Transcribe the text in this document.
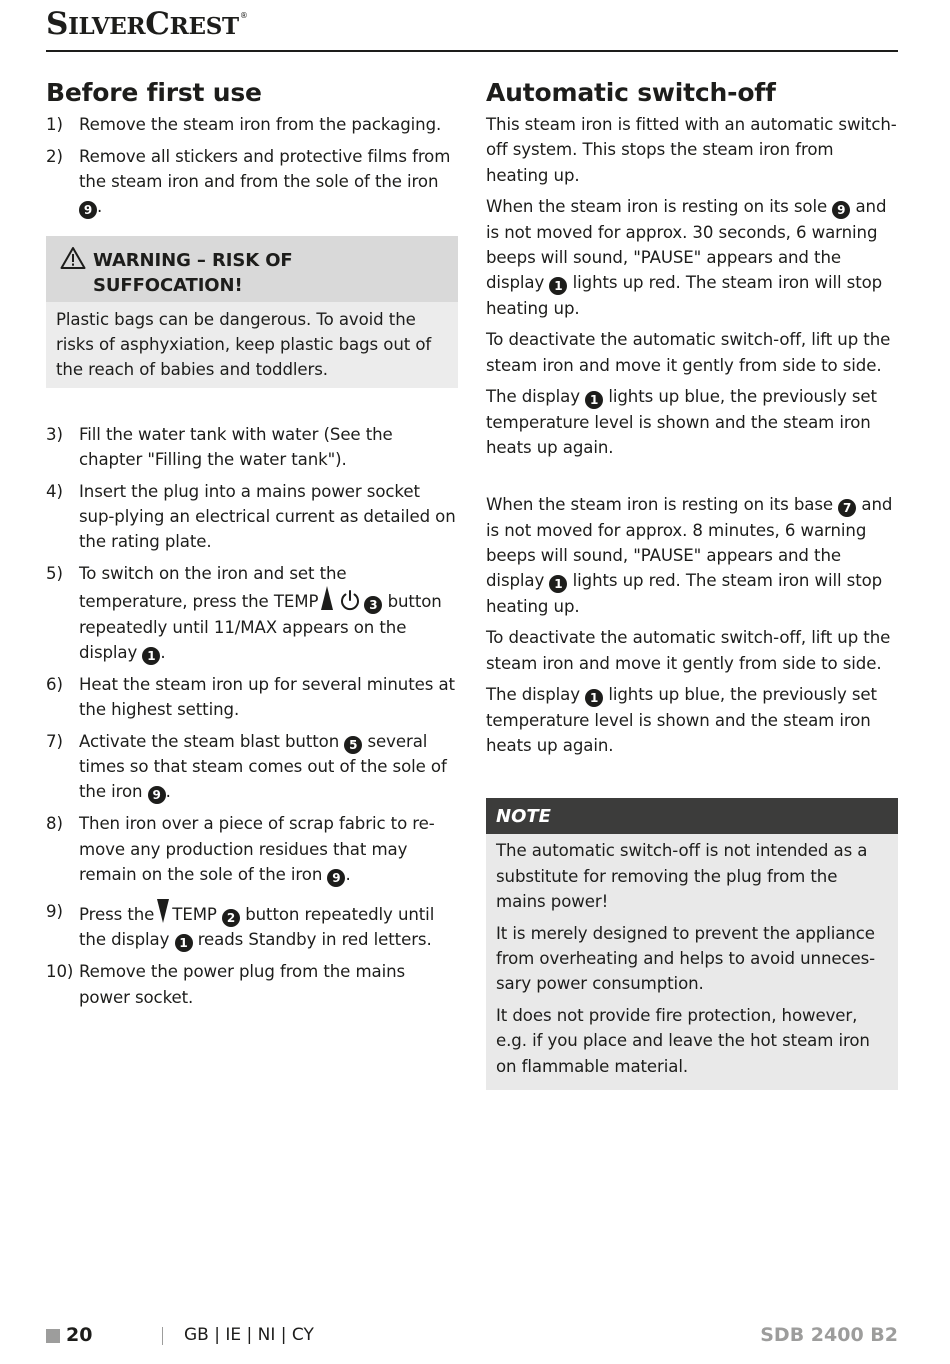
SILVERCREST®
Before first use
1) Remove the steam iron from the packaging.
2) Remove all stickers and protective films from the steam iron and from the sole of the iron 9 .
WARNING – RISK OF
SUFFOCATION!
Plastic bags can be dangerous. To avoid the risks of asphyxiation, keep plastic bags out of the reach of babies and toddlers.
3) Fill the water tank with water (See the chapter "Filling the water tank").
4) Insert the plug into a mains power socket sup-plying an electrical current as detailed on the rating plate.
5) To switch on the iron and set the temperature, press the TEMP	3 button repeatedly until 11/MAX appears on the display 1 .
6) Heat the steam iron up for several minutes at the highest setting.
7) Activate the steam blast button 5 several times so that steam comes out of the sole of the iron 9 .
8) Then iron over a piece of scrap fabric to re-move any production residues that may remain on the sole of the iron 9 .
9) Press the TEMP 2 button repeatedly until the display 1 reads Standby in red letters.
10) Remove the power plug from the mains power socket.
Automatic switch-off

This steam iron is fitted with an automatic switch-off system. This stops the steam iron from heating up.

When the steam iron is resting on its sole 9 and is not moved for approx. 30 seconds, 6 warning beeps will sound, "PAUSE" appears and the display 1 lights up red. The steam iron will stop heating up.

To deactivate the automatic switch-off, lift up the steam iron and move it gently from side to side.

The display 1 lights up blue, the previously set temperature level is shown and the steam iron heats up again.

When the steam iron is resting on its base 7 and is not moved for approx. 8 minutes, 6 warning beeps will sound, "PAUSE" appears and the display 1 lights up red. The steam iron will stop heating up.

To deactivate the automatic switch-off, lift up the steam iron and move it gently from side to side.

The display 1 lights up blue, the previously set temperature level is shown and the steam iron heats up again.

NOTE

The automatic switch-off is not intended as a substitute for removing the plug from the mains power!

It is merely designed to prevent the appliance from overheating and helps to avoid unneces-sary power consumption.

It does not provide fire protection, however, e.g. if you place and leave the hot steam iron on flammable material.

20	GB | IE | NI | CY	SDB 2400 B2
